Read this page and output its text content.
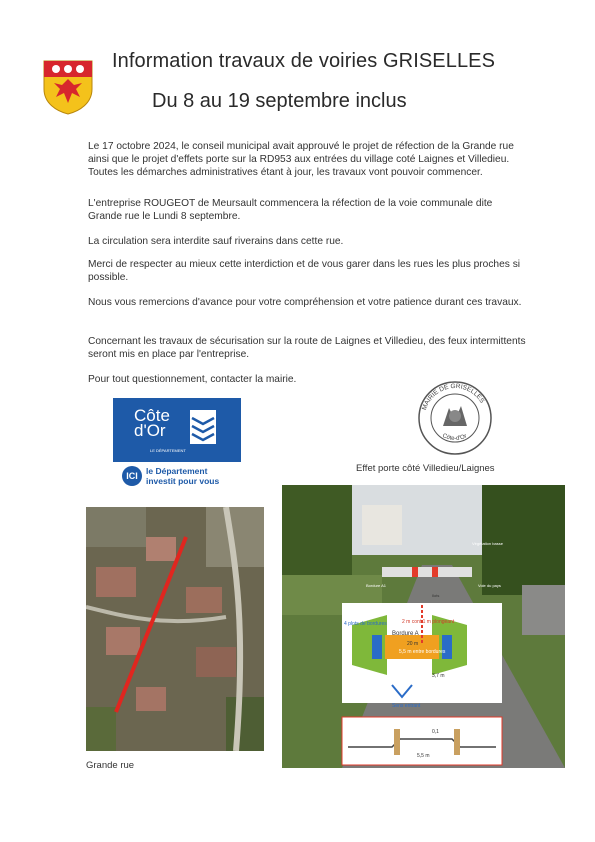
Information travaux de voiries GRISELLES
Du 8 au 19 septembre inclus
Le 17 octobre 2024, le conseil municipal avait approuvé le projet de réfection de la Grande rue ainsi que le projet d'effets porte sur la RD953 aux entrées du village coté Laignes et Villedieu. Toutes les démarches administratives étant à jour, les travaux vont pouvoir commencer.
L'entreprise ROUGEOT de Meursault commencera la réfection de la voie communale dite Grande rue le Lundi 8 septembre.
La circulation sera interdite sauf riverains dans cette rue.
Merci de respecter au mieux cette interdiction et de vous garer dans les rues les plus proches si possible.
Nous vous remercions d'avance pour votre compréhension et votre patience durant ces travaux.
Concernant les travaux de sécurisation sur la route de Laignes et Villedieu, des feux intermittents seront mis en place par l'entreprise.
Pour tout questionnement, contacter la mairie.
MAIRIE DE GRISELLES
Côte-d'Or
Côte
d'Or
LE DÉPARTEMENT
ICI le Département
investit pour vous
Effet porte côté Villedieu/Laignes
Grande rue
4 plots de bordures	2 m cont 1 m plongeant
Bordure A
20 m
5,5 m entre bordures
3,7 m	Gazon sol
Sens entrant
0,1
5,5 m
Végétation basse
Bordure A1
Ilots
Voie du pays
